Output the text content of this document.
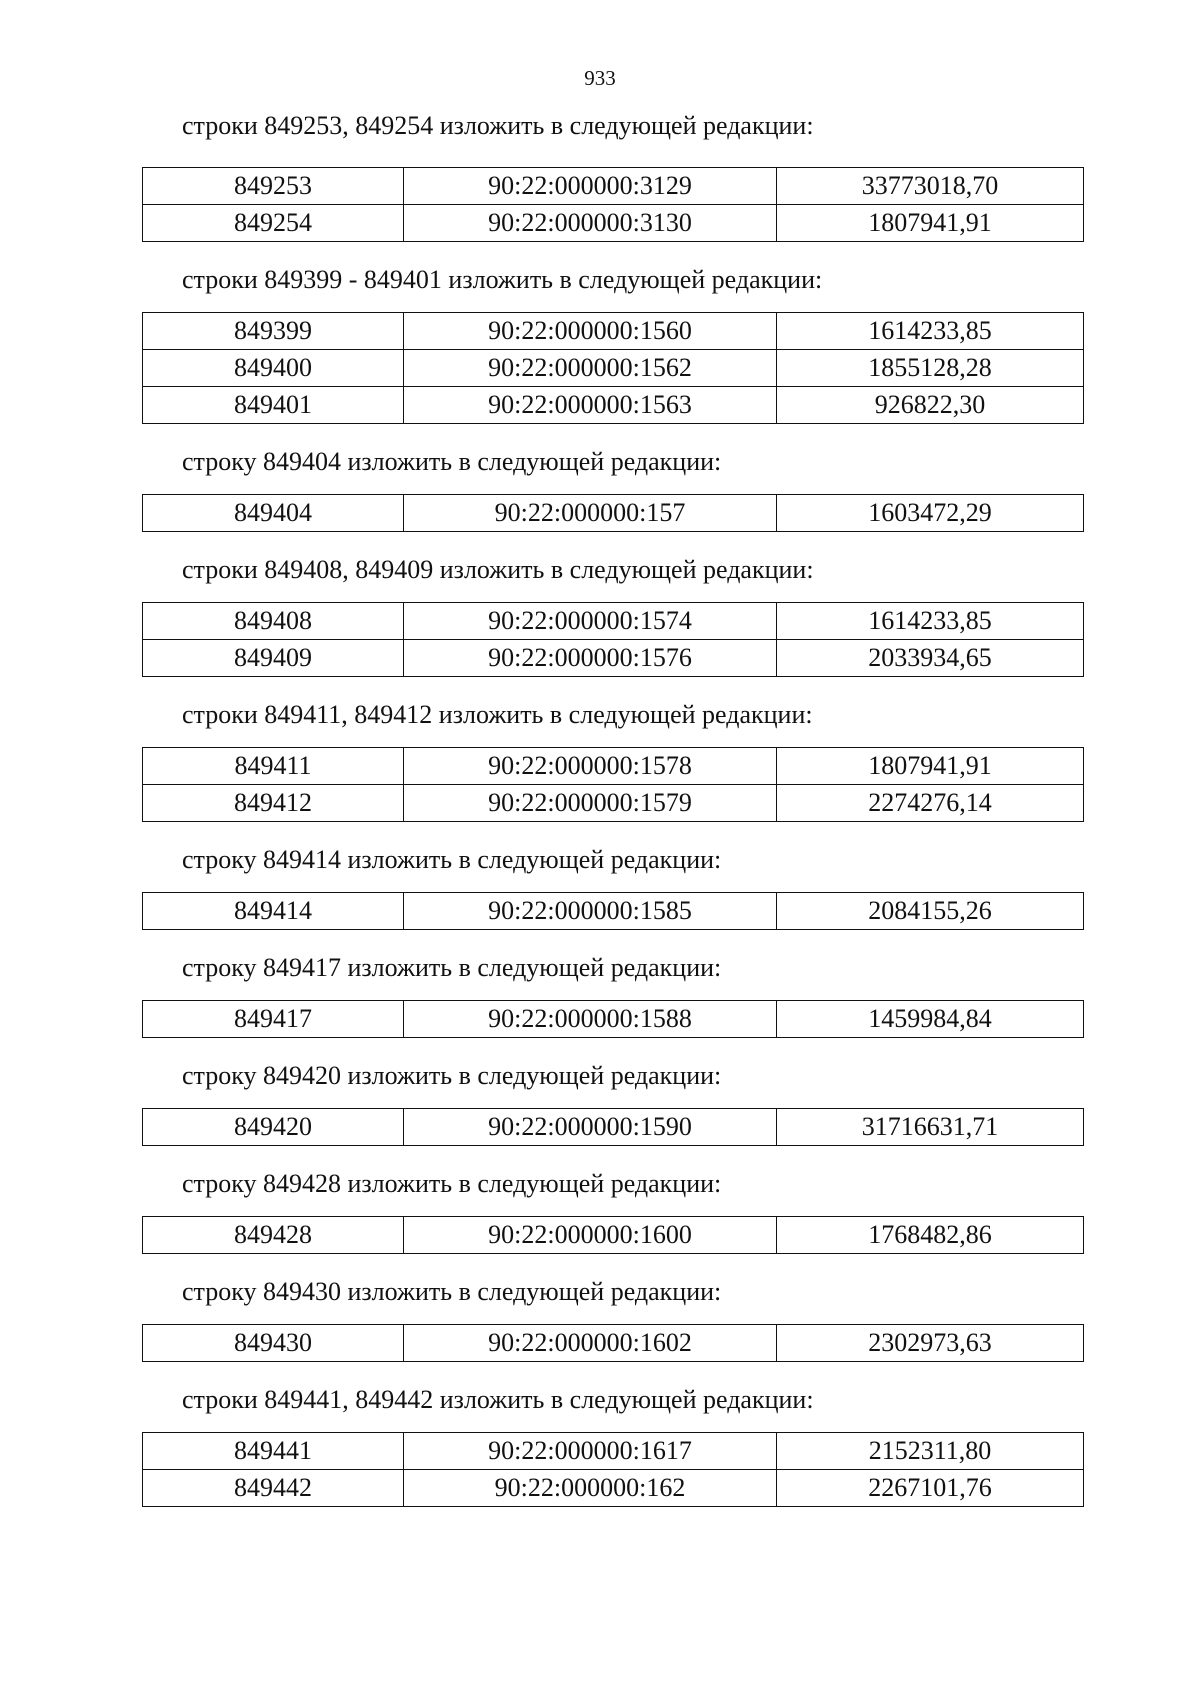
933

строки 849253, 849254 изложить в следующей редакции:

849253	90:22:000000:3129	33773018,70
849254	90:22:000000:3130	1807941,91

строки 849399 - 849401 изложить в следующей редакции:

849399	90:22:000000:1560	1614233,85
849400	90:22:000000:1562	1855128,28
849401	90:22:000000:1563	926822,30

строку 849404 изложить в следующей редакции:

849404	90:22:000000:157	1603472,29

строки 849408, 849409 изложить в следующей редакции:

849408	90:22:000000:1574	1614233,85
849409	90:22:000000:1576	2033934,65

строки 849411, 849412 изложить в следующей редакции:

849411	90:22:000000:1578	1807941,91
849412	90:22:000000:1579	2274276,14

строку 849414 изложить в следующей редакции:

849414	90:22:000000:1585	2084155,26

строку 849417 изложить в следующей редакции:

849417	90:22:000000:1588	1459984,84

строку 849420 изложить в следующей редакции:

849420	90:22:000000:1590	31716631,71

строку 849428 изложить в следующей редакции:

849428	90:22:000000:1600	1768482,86

строку 849430 изложить в следующей редакции:

849430	90:22:000000:1602	2302973,63

строки 849441, 849442 изложить в следующей редакции:

849441	90:22:000000:1617	2152311,80
849442	90:22:000000:162	2267101,76
